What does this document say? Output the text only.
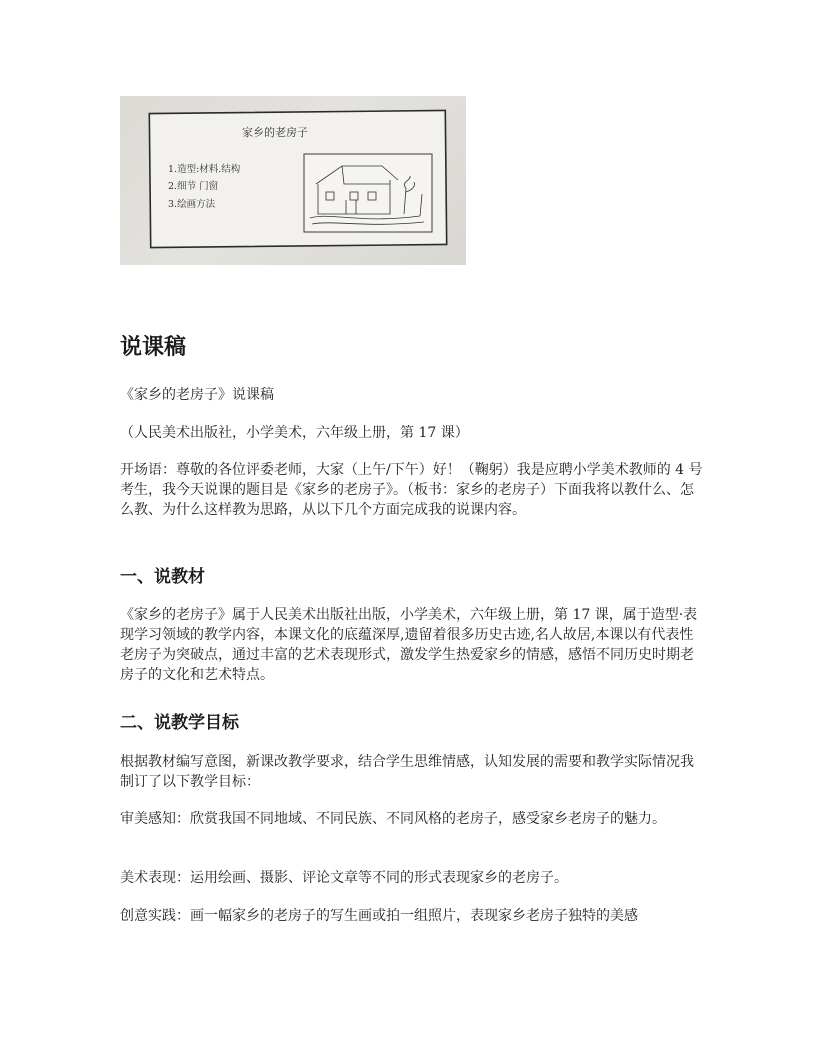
家乡的老房子
1.造型:材料.结构
2.细节 门窗
3.绘画方法
说课稿

《家乡的老房子》说课稿

（人民美术出版社，小学美术，六年级上册，第 17 课）

开场语：尊敬的各位评委老师，大家（上午/下午）好！（鞠躬）我是应聘小学美术教师的 4 号考生，我今天说课的题目是《家乡的老房子》。（板书：家乡的老房子）下面我将以教什么、怎么教、为什么这样教为思路，从以下几个方面完成我的说课内容。

一、说教材

《家乡的老房子》属于人民美术出版社出版，小学美术，六年级上册，第 17 课，属于造型·表现学习领域的教学内容，本课文化的底蕴深厚,遗留着很多历史古迹,名人故居,本课以有代表性老房子为突破点，通过丰富的艺术表现形式，激发学生热爱家乡的情感，感悟不同历史时期老房子的文化和艺术特点。

二、说教学目标

根据教材编写意图，新课改教学要求，结合学生思维情感，认知发展的需要和教学实际情况我制订了以下教学目标：

审美感知：欣赏我国不同地域、不同民族、不同风格的老房子，感受家乡老房子的魅力。

美术表现：运用绘画、摄影、评论文章等不同的形式表现家乡的老房子。

创意实践：画一幅家乡的老房子的写生画或拍一组照片，表现家乡老房子独特的美感
